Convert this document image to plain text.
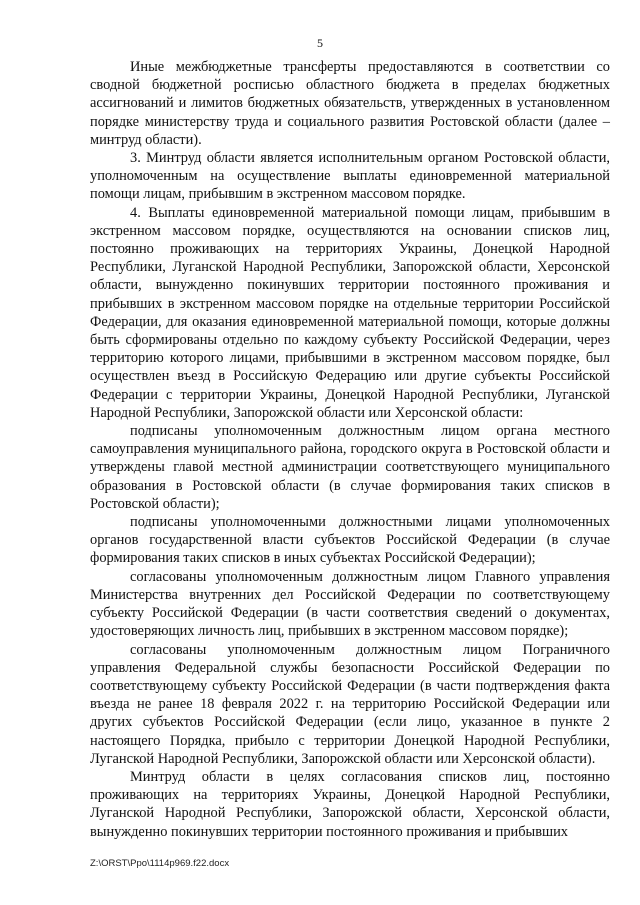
5

Иные межбюджетные трансферты предоставляются в соответствии со сводной бюджетной росписью областного бюджета в пределах бюджетных ассигнований и лимитов бюджетных обязательств, утвержденных в установленном порядке министерству труда и социального развития Ростовской области (далее – минтруд области).

3. Минтруд области является исполнительным органом Ростовской области, уполномоченным на осуществление выплаты единовременной материальной помощи лицам, прибывшим в экстренном массовом порядке.

4. Выплаты единовременной материальной помощи лицам, прибывшим в экстренном массовом порядке, осуществляются на основании списков лиц, постоянно проживающих на территориях Украины, Донецкой Народной Республики, Луганской Народной Республики, Запорожской области, Херсонской области, вынужденно покинувших территории постоянного проживания и прибывших в экстренном массовом порядке на отдельные территории Российской Федерации, для оказания единовременной материальной помощи, которые должны быть сформированы отдельно по каждому субъекту Российской Федерации, через территорию которого лицами, прибывшими в экстренном массовом порядке, был осуществлен въезд в Российскую Федерацию или другие субъекты Российской Федерации с территории Украины, Донецкой Народной Республики, Луганской Народной Республики, Запорожской области или Херсонской области:

подписаны уполномоченным должностным лицом органа местного самоуправления муниципального района, городского округа в Ростовской области и утверждены главой местной администрации соответствующего муниципального образования в Ростовской области (в случае формирования таких списков в Ростовской области);

подписаны уполномоченными должностными лицами уполномоченных органов государственной власти субъектов Российской Федерации (в случае формирования таких списков в иных субъектах Российской Федерации);

согласованы уполномоченным должностным лицом Главного управления Министерства внутренних дел Российской Федерации по соответствующему субъекту Российской Федерации (в части соответствия сведений о документах, удостоверяющих личность лиц, прибывших в экстренном массовом порядке);

согласованы уполномоченным должностным лицом Пограничного управления Федеральной службы безопасности Российской Федерации по соответствующему субъекту Российской Федерации (в части подтверждения факта въезда не ранее 18 февраля 2022 г. на территорию Российской Федерации или других субъектов Российской Федерации (если лицо, указанное в пункте 2 настоящего Порядка, прибыло с территории Донецкой Народной Республики, Луганской Народной Республики, Запорожской области или Херсонской области).

Минтруд области в целях согласования списков лиц, постоянно проживающих на территориях Украины, Донецкой Народной Республики, Луганской Народной Республики, Запорожской области, Херсонской области, вынужденно покинувших территории постоянного проживания и прибывших

Z:\ORST\Ppo\1114p969.f22.docx
